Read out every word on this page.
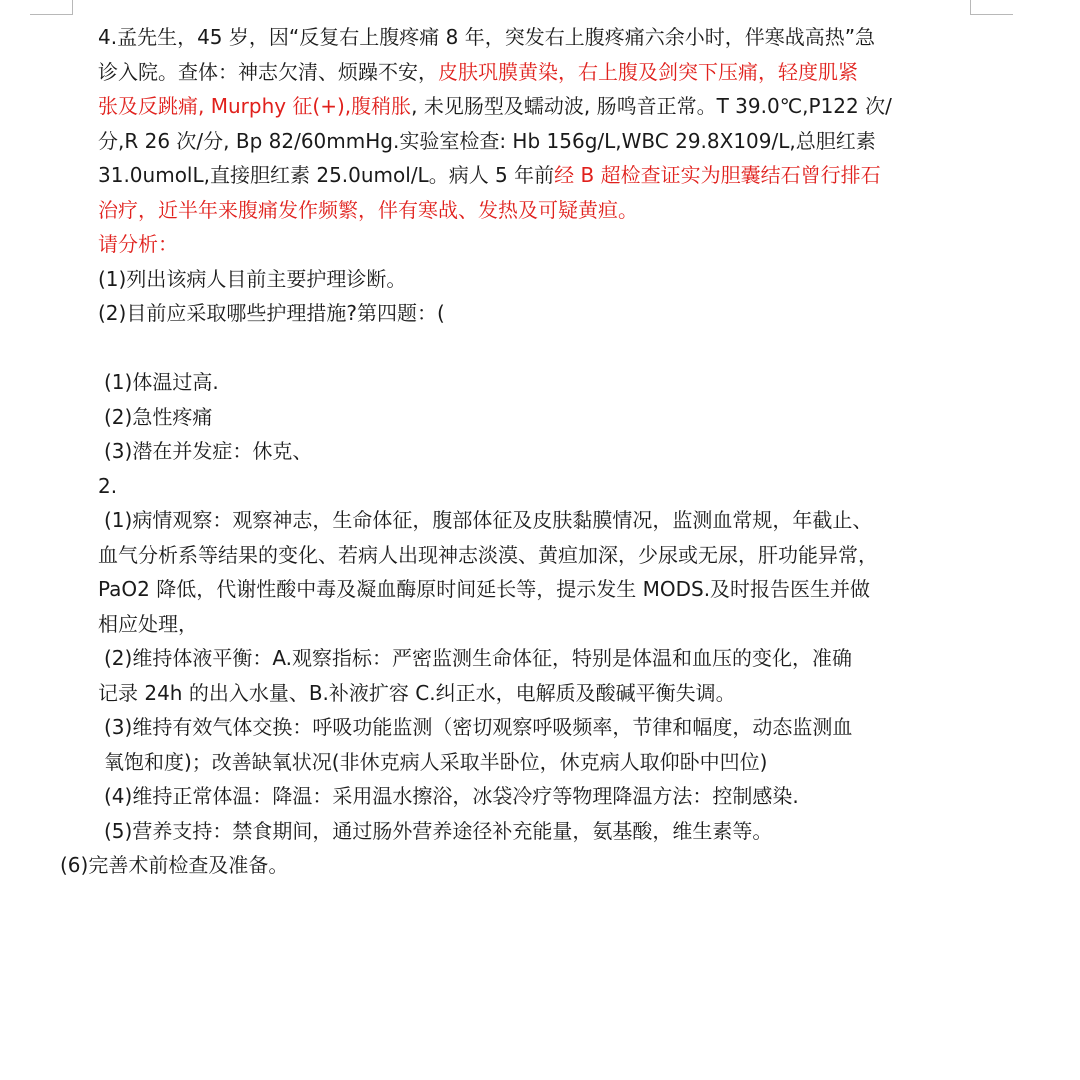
4.孟先生，45 岁，因“反复右上腹疼痛 8 年，突发右上腹疼痛六余小时，伴寒战高热”急
诊入院。查体：神志欠清、烦躁不安，皮肤巩膜黄染，右上腹及剑突下压痛，轻度肌紧
张及反跳痛, Murphy 征(+),腹稍胀, 未见肠型及蠕动波, 肠鸣音正常。T 39.0℃,P122 次/
分,R 26 次/分, Bp 82/60mmHg.实验室检查: Hb 156g/L,WBC 29.8X109/L,总胆红素
31.0umolL,直接胆红素 25.0umol/L。病人 5 年前经 B 超检查证实为胆囊结石曾行排石
治疗，近半年来腹痛发作频繁，伴有寒战、发热及可疑黄疸。
请分析：
(1)列出该病人目前主要护理诊断。
(2)目前应采取哪些护理措施?第四题：(
(1)体温过高.
(2)急性疼痛
(3)潜在并发症：休克、
2.
(1)病情观察：观察神志，生命体征，腹部体征及皮肤黏膜情况，监测血常规，年截止、
血气分析系等结果的变化、若病人出现神志淡漠、黄疸加深，少尿或无尿，肝功能异常，
PaO2 降低，代谢性酸中毒及凝血酶原时间延长等，提示发生 MODS.及时报告医生并做
相应处理，
(2)维持体液平衡：A.观察指标：严密监测生命体征，特别是体温和血压的变化，准确
记录 24h 的出入水量、B.补液扩容 C.纠正水，电解质及酸碱平衡失调。
(3)维持有效气体交换：呼吸功能监测（密切观察呼吸频率，节律和幅度，动态监测血
氧饱和度)；改善缺氧状况(非休克病人采取半卧位，休克病人取仰卧中凹位)
(4)维持正常体温：降温：采用温水擦浴，冰袋冷疗等物理降温方法：控制感染.
(5)营养支持：禁食期间，通过肠外营养途径补充能量，氨基酸，维生素等。
(6)完善术前检查及准备。
